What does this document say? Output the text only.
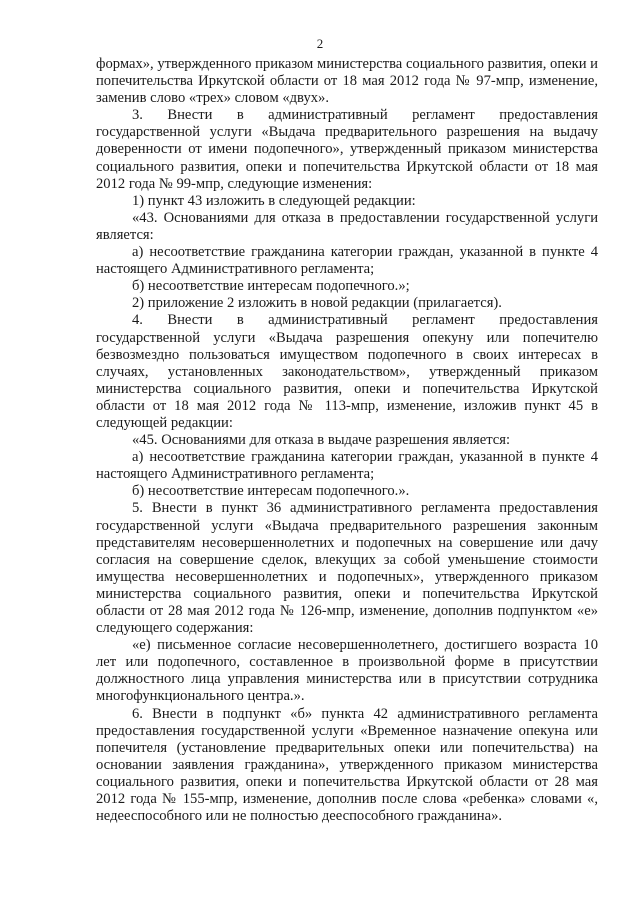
2

формах», утвержденного приказом министерства социального развития, опеки и попечительства Иркутской области от 18 мая 2012 года № 97-мпр, изменение, заменив слово «трех» словом «двух».

3. Внести в административный регламент предоставления государственной услуги «Выдача предварительного разрешения на выдачу доверенности от имени подопечного», утвержденный приказом министерства социального развития, опеки и попечительства Иркутской области от 18 мая 2012 года № 99-мпр, следующие изменения:

1) пункт 43 изложить в следующей редакции:

«43. Основаниями для отказа в предоставлении государственной услуги является:

а) несоответствие гражданина категории граждан, указанной в пункте 4 настоящего Административного регламента;

б) несоответствие интересам подопечного.»;

2) приложение 2 изложить в новой редакции (прилагается).

4. Внести в административный регламент предоставления государственной услуги «Выдача разрешения опекуну или попечителю безвозмездно пользоваться имуществом подопечного в своих интересах в случаях, установленных законодательством», утвержденный приказом министерства социального развития, опеки и попечительства Иркутской области от 18 мая 2012 года № 113-мпр, изменение, изложив пункт 45 в следующей редакции:

«45. Основаниями для отказа в выдаче разрешения является:

а) несоответствие гражданина категории граждан, указанной в пункте 4 настоящего Административного регламента;

б) несоответствие интересам подопечного.».

5. Внести в пункт 36 административного регламента предоставления государственной услуги «Выдача предварительного разрешения законным представителям несовершеннолетних и подопечных на совершение или дачу согласия на совершение сделок, влекущих за собой уменьшение стоимости имущества несовершеннолетних и подопечных», утвержденного приказом министерства социального развития, опеки и попечительства Иркутской области от 28 мая 2012 года № 126-мпр, изменение, дополнив подпунктом «е» следующего содержания:

«е) письменное согласие несовершеннолетнего, достигшего возраста 10 лет или подопечного, составленное в произвольной форме в присутствии должностного лица управления министерства или в присутствии сотрудника многофункционального центра.».

6. Внести в подпункт «б» пункта 42 административного регламента предоставления государственной услуги «Временное назначение опекуна или попечителя (установление предварительных опеки или попечительства) на основании заявления гражданина», утвержденного приказом министерства социального развития, опеки и попечительства Иркутской области от 28 мая 2012 года № 155-мпр, изменение, дополнив после слова «ребенка» словами «, недееспособного или не полностью дееспособного гражданина».
